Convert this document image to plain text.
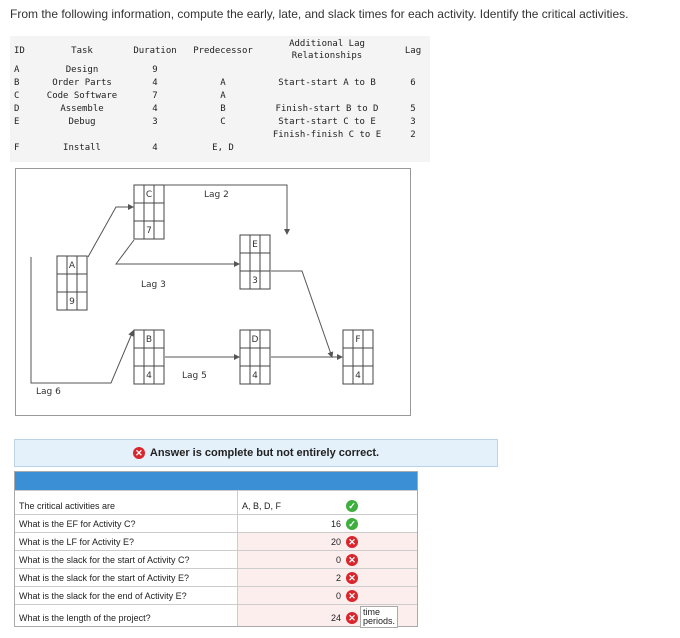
From the following information, compute the early, late, and slack times for each activity. Identify the critical activities.
ID	Task	Duration Predecessor
Additional Lag
Relationships	Lag
A	Design	9
B	Order Parts	4	A	Start-start A to B	6
C	Code Software	7	A
D	Assemble	4	B	Finish-start B to D	5
E	Debug	3	C	Start-start C to E	3
Finish-finish C to E	2
F	Install	4	E, D
A
9
C
7
E
3
B
4
D
4
F
4
Lag 2
Lag 3
Lag 5
Lag 6
✕ Answer is complete but not entirely correct.
The critical activities are	A, B, D, F	✓
What is the EF for Activity C?	16 ✓
What is the LF for Activity E?	20 ✕
What is the slack for the start of Activity C?	0 ✕
What is the slack for the start of Activity E?	2 ✕
What is the slack for the end of Activity E?	0 ✕
What is the length of the project?	24 ✕
time
periods.
